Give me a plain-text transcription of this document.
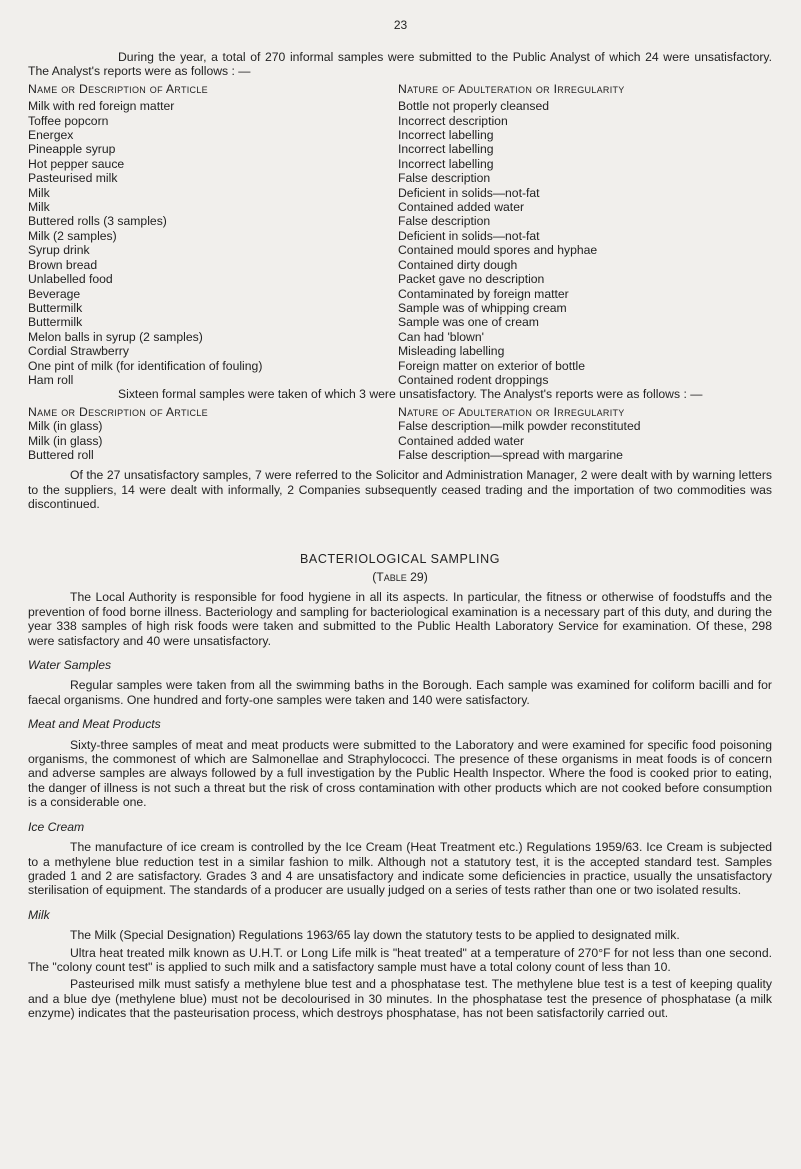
23

During the year, a total of 270 informal samples were submitted to the Public Analyst of which 24 were unsatisfactory. The Analyst's reports were as follows : —

Name or Description of Article	Nature of Adulteration or Irregularity
Milk with red foreign matter	Bottle not properly cleansed
Toffee popcorn	Incorrect description
Energex	Incorrect labelling
Pineapple syrup	Incorrect labelling
Hot pepper sauce	Incorrect labelling
Pasteurised milk	False description
Milk	Deficient in solids—not-fat
Milk	Contained added water
Buttered rolls (3 samples)	False description
Milk (2 samples)	Deficient in solids—not-fat
Syrup drink	Contained mould spores and hyphae
Brown bread	Contained dirty dough
Unlabelled food	Packet gave no description
Beverage	Contaminated by foreign matter
Buttermilk	Sample was of whipping cream
Buttermilk	Sample was one of cream
Melon balls in syrup (2 samples)	Can had 'blown'
Cordial Strawberry	Misleading labelling
One pint of milk (for identification of fouling)	Foreign matter on exterior of bottle
Ham roll	Contained rodent droppings

Sixteen formal samples were taken of which 3 were unsatisfactory. The Analyst's reports were as follows : —

Name or Description of Article	Nature of Adulteration or Irregularity
Milk (in glass)	False description—milk powder reconstituted
Milk (in glass)	Contained added water
Buttered roll	False description—spread with margarine

Of the 27 unsatisfactory samples, 7 were referred to the Solicitor and Administration Manager, 2 were dealt with by warning letters to the suppliers, 14 were dealt with informally, 2 Companies subsequently ceased trading and the importation of two commodities was discontinued.

BACTERIOLOGICAL SAMPLING
(Table 29)

The Local Authority is responsible for food hygiene in all its aspects. In particular, the fitness or otherwise of foodstuffs and the prevention of food borne illness. Bacteriology and sampling for bacteriological examination is a necessary part of this duty, and during the year 338 samples of high risk foods were taken and submitted to the Public Health Laboratory Service for examination. Of these, 298 were satisfactory and 40 were unsatisfactory.

Water Samples

Regular samples were taken from all the swimming baths in the Borough. Each sample was examined for coliform bacilli and for faecal organisms. One hundred and forty-one samples were taken and 140 were satisfactory.

Meat and Meat Products

Sixty-three samples of meat and meat products were submitted to the Laboratory and were examined for specific food poisoning organisms, the commonest of which are Salmonellae and Straphylococci. The presence of these organisms in meat foods is of concern and adverse samples are always followed by a full investigation by the Public Health Inspector. Where the food is cooked prior to eating, the danger of illness is not such a threat but the risk of cross contamination with other products which are not cooked before consumption is a considerable one.

Ice Cream

The manufacture of ice cream is controlled by the Ice Cream (Heat Treatment etc.) Regulations 1959/63. Ice Cream is subjected to a methylene blue reduction test in a similar fashion to milk. Although not a statutory test, it is the accepted standard test. Samples graded 1 and 2 are satisfactory. Grades 3 and 4 are unsatisfactory and indicate some deficiencies in practice, usually the unsatisfactory sterilisation of equipment. The standards of a producer are usually judged on a series of tests rather than one or two isolated results.

Milk

The Milk (Special Designation) Regulations 1963/65 lay down the statutory tests to be applied to designated milk.

Ultra heat treated milk known as U.H.T. or Long Life milk is "heat treated" at a temperature of 270°F for not less than one second. The "colony count test" is applied to such milk and a satisfactory sample must have a total colony count of less than 10.

Pasteurised milk must satisfy a methylene blue test and a phosphatase test. The methylene blue test is a test of keeping quality and a blue dye (methylene blue) must not be decolourised in 30 minutes. In the phosphatase test the presence of phosphatase (a milk enzyme) indicates that the pasteurisation process, which destroys phosphatase, has not been satisfactorily carried out.
